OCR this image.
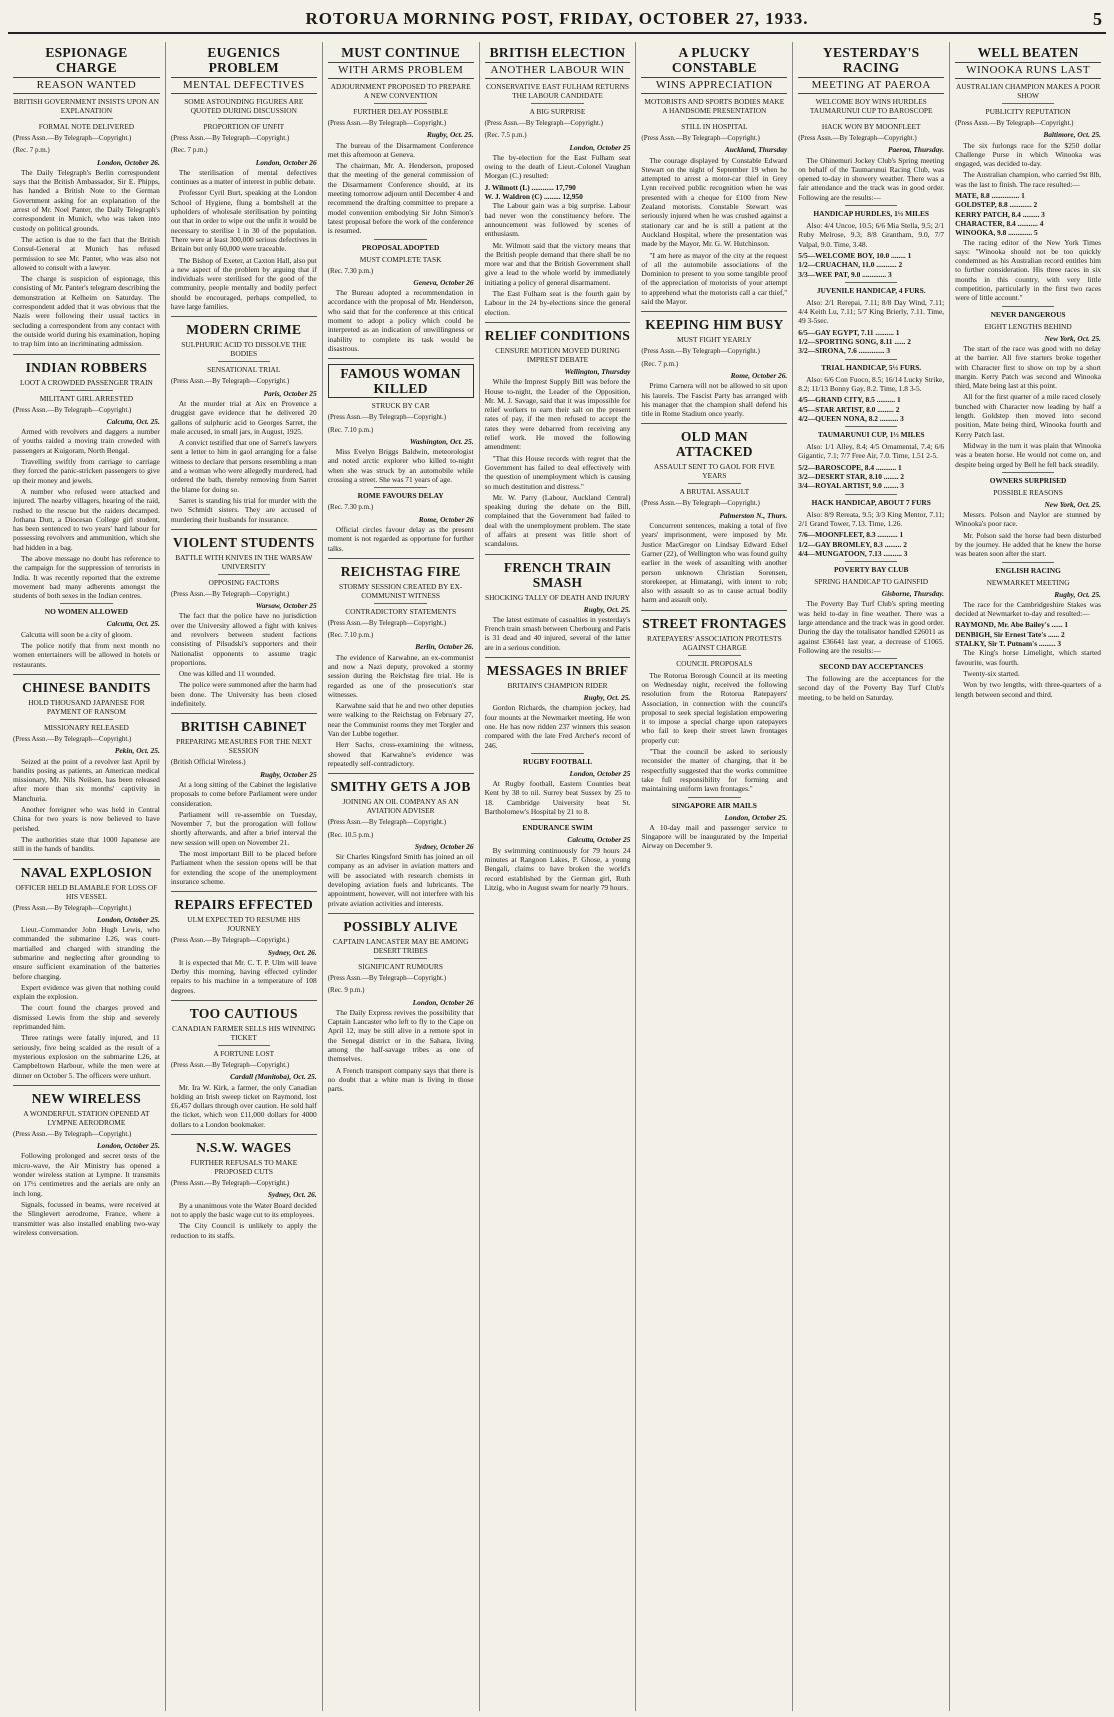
ROTORUA MORNING POST, FRIDAY, OCTOBER 27, 1933.	5
ESPIONAGE CHARGE
REASON WANTED
BRITISH GOVERNMENT INSISTS UPON AN EXPLANATION
FORMAL NOTE DELIVERED
(Press Assn.—By Telegraph—Copyright.)
(Rec. 7 p.m.)
London, October 26.

The Daily Telegraph's Berlin correspondent says that the British Ambassador, Sir E. Phipps, has handed a British Note to the German Government asking for an explanation of the arrest of Mr. Noel Panter, the Daily Telegraph's correspondent in Munich, who was taken into custody on political grounds.

The action is due to the fact that the British Consul-General at Munich has refused permission to see Mr. Panter, who was also not allowed to consult with a lawyer.

The charge is suspicion of espionage, this consisting of Mr. Panter's telegram describing the demonstration at Kelheim on Saturday. The correspondent added that it was obvious that the Nazis were following their usual tactics in secluding a correspondent from any contact with the outside world during his examination, hoping to trap him into an incriminating admission.

INDIAN ROBBERS
LOOT A CROWDED PASSENGER TRAIN
MILITANT GIRL ARRESTED
(Press Assn.—By Telegraph—Copyright.)
Calcutta, Oct. 25.

Armed with revolvers and daggers a number of youths raided a moving train crowded with passengers at Kuigoram, North Bengal.

Travelling swiftly from carriage to carriage they forced the panic-stricken passengers to give up their money and jewels.

A number who refused were attacked and injured. The nearby villagers, hearing of the raid, rushed to the rescue but the raiders decamped. Jothana Dutt, a Diocesan College girl student, has been sentenced to two years' hard labour for possessing revolvers and ammunition, which she had hidden in a bag.

The above message no doubt has reference to the campaign for the suppression of terrorists in India. It was recently reported that the extreme movement had many adherents amongst the students of both sexes in the Indian centres.

NO WOMEN ALLOWED
Calcutta, Oct. 25.

Calcutta will soon be a city of gloom.

The police notify that from next month no women entertainers will be allowed in hotels or restaurants.

CHINESE BANDITS
HOLD THOUSAND JAPANESE FOR PAYMENT OF RANSOM
MISSIONARY RELEASED
(Press Assn.—By Telegraph—Copyright.)
Pekin, Oct. 25.

Seized at the point of a revolver last April by bandits posing as patients, an American medical missionary, Mr. Nils Neilsen, has been released after more than six months' captivity in Manchuria.

Another foreigner who was held in Central China for two years is now believed to have perished.

The authorities state that 1000 Japanese are still in the hands of bandits.

NAVAL EXPLOSION
OFFICER HELD BLAMABLE FOR LOSS OF HIS VESSEL
(Press Assn.—By Telegraph—Copyright.)
London, October 25.

Lieut.-Commander John Hugh Lewis, who commanded the submarine L26, was court-martialled and charged with stranding the submarine and neglecting after grounding to ensure sufficient examination of the batteries before charging.

Expert evidence was given that nothing could explain the explosion.

The court found the charges proved and dismissed Lewis from the ship and severely reprimanded him.

Three ratings were fatally injured, and 11 seriously, five being scalded as the result of a mysterious explosion on the submarine L26, at Campbeltown Harbour, while the men were at dinner on October 5. The officers were unhurt.

NEW WIRELESS
A WONDERFUL STATION OPENED AT LYMPNE AERODROME
(Press Assn.—By Telegraph—Copyright.)
London, October 25.

Following prolonged and secret tests of the micro-wave, the Air Ministry has opened a wonder wireless station at Lympne. It transmits on 17½ centimetres and the aerials are only an inch long.

Signals, focussed in beams, were received at the Slinglevert aerodrome, France, where a transmitter was also installed enabling two-way wireless conversation.

EUGENICS PROBLEM
MENTAL DEFECTIVES
SOME ASTOUNDING FIGURES ARE QUOTED DURING DISCUSSION
PROPORTION OF UNFIT
(Press Assn.—By Telegraph—Copyright.)
(Rec. 7 p.m.)
London, October 26

The sterilisation of mental defectives continues as a matter of interest in public debate.

Professor Cyril Burt, speaking at the London School of Hygiene, flung a bombshell at the upholders of wholesale sterilisation by pointing out that in order to wipe out the unfit it would be necessary to sterilise 1 in 30 of the population. There were at least 300,000 serious defectives in Britain but only 60,000 were traceable.

The Bishop of Exeter, at Caxton Hall, also put a new aspect of the problem by arguing that if individuals were sterilised for the good of the community, people mentally and bodily perfect should be encouraged, perhaps compelled, to have large families.

MODERN CRIME
SULPHURIC ACID TO DISSOLVE THE BODIES
SENSATIONAL TRIAL
(Press Assn.—By Telegraph—Copyright.)
Paris, October 25

At the murder trial at Aix en Provence a druggist gave evidence that he delivered 20 gallons of sulphuric acid to Georges Sarret, the male accused, in small jars, in August, 1925.

A convict testified that one of Sarret's lawyers sent a letter to him in gaol arranging for a false witness to declare that persons resembling a man and a woman who were allegedly murdered, had ordered the bath, thereby removing from Sarret the blame for doing so.

Sarret is standing his trial for murder with the two Schmidt sisters. They are accused of murdering their husbands for insurance.

VIOLENT STUDENTS
BATTLE WITH KNIVES IN THE WARSAW UNIVERSITY
OPPOSING FACTORS
(Press Assn.—By Telegraph—Copyright.)
Warsaw, October 25

The fact that the police have no jurisdiction over the University allowed a fight with knives and revolvers between student factions consisting of Pilsudski's supporters and their Nationalist opponents to assume tragic proportions.

One was killed and 11 wounded.

The police were summoned after the harm had been done. The University has been closed indefinitely.

BRITISH CABINET
PREPARING MEASURES FOR THE NEXT SESSION
(British Official Wireless.)
Rugby, October 25

At a long sitting of the Cabinet the legislative proposals to come before Parliament were under consideration.

Parliament will re-assemble on Tuesday, November 7, but the prorogation will follow shortly afterwards, and after a brief interval the new session will open on November 21.

The most important Bill to be placed before Parliament when the session opens will be that for extending the scope of the unemployment insurance scheme.

REPAIRS EFFECTED
ULM EXPECTED TO RESUME HIS JOURNEY
(Press Assn.—By Telegraph—Copyright.)
Sydney, Oct. 26.

It is expected that Mr. C. T. P. Ulm will leave Derby this morning, having effected cylinder repairs to his machine in a temperature of 108 degrees.

TOO CAUTIOUS
CANADIAN FARMER SELLS HIS WINNING TICKET
A FORTUNE LOST
(Press Assn.—By Telegraph—Copyright.)
Cardall (Manitoba), Oct. 25.

Mr. Ira W. Kirk, a farmer, the only Canadian holding an Irish sweep ticket on Raymond, lost £6,457 dollars through over caution. He sold half the ticket, which won £11,000 dollars for 4000 dollars to a London bookmaker.

N.S.W. WAGES
FURTHER REFUSALS TO MAKE PROPOSED CUTS
(Press Assn.—By Telegraph—Copyright.)
Sydney, Oct. 26.

By a unanimous vote the Water Board decided not to apply the basic wage cut to its employees.

The City Council is unlikely to apply the reduction to its staffs.

MUST CONTINUE
WITH ARMS PROBLEM
ADJOURNMENT PROPOSED TO PREPARE A NEW CONVENTION
FURTHER DELAY POSSIBLE
(Press Assn.—By Telegraph—Copyright.)
Rugby, Oct. 25.

The bureau of the Disarmament Conference met this afternoon at Geneva.

The chairman, Mr. A. Henderson, proposed that the meeting of the general commission of the Disarmament Conference should, at its meeting tomorrow adjourn until December 4 and recommend the drafting committee to prepare a model convention embodying Sir John Simon's latest proposal before the work of the conference is resumed.

PROPOSAL ADOPTED
MUST COMPLETE TASK
(Rec. 7.30 p.m.)
Geneva, October 26

The Bureau adopted a recommendation in accordance with the proposal of Mr. Henderson, who said that for the conference at this critical moment to adopt a policy which could be interpreted as an indication of unwillingness or inability to complete its task would be disastrous.

FAMOUS WOMAN KILLED
STRUCK BY CAR
(Press Assn.—By Telegraph—Copyright.)
(Rec. 7.10 p.m.)
Washington, Oct. 25.

Miss Evelyn Briggs Baldwin, meteorologist and noted arctic explorer who killed to-night when she was struck by an automobile while crossing a street. She was 71 years of age.

ROME FAVOURS DELAY
(Rec. 7.30 p.m.)
Rome, October 26

Official circles favour delay as the present moment is not regarded as opportune for further talks.

REICHSTAG FIRE
STORMY SESSION CREATED BY EX-COMMUNIST WITNESS
CONTRADICTORY STATEMENTS
(Press Assn.—By Telegraph—Copyright.)
(Rec. 7.10 p.m.)
Berlin, October 26.

The evidence of Karwahne, an ex-communist and now a Nazi deputy, provoked a stormy session during the Reichstag fire trial. He is regarded as one of the prosecution's star witnesses.

Karwahne said that he and two other deputies were walking to the Reichstag on February 27, near the Communist rooms they met Torgler and Van der Lubbe together.

Herr Sachs, cross-examining the witness, showed that Karwahne's evidence was repeatedly self-contradictory.

SMITHY GETS A JOB
JOINING AN OIL COMPANY AS AN AVIATION ADVISER
(Press Assn.—By Telegraph—Copyright.)
(Rec. 10.5 p.m.)
Sydney, October 26

Sir Charles Kingsford Smith has joined an oil company as an adviser in aviation matters and will be associated with research chemists in developing aviation fuels and lubricants. The appointment, however, will not interfere with his private aviation activities and interests.

POSSIBLY ALIVE
CAPTAIN LANCASTER MAY BE AMONG DESERT TRIBES
SIGNIFICANT RUMOURS
(Press Assn.—By Telegraph—Copyright.)
(Rec. 9 p.m.)
London, October 26

The Daily Express revives the possibility that Captain Lancaster who left to fly to the Cape on April 12, may be still alive in a remote spot in the Senegal district or in the Sahara, living among the half-savage tribes as one of themselves.

A French transport company says that there is no doubt that a white man is living in those parts.

BRITISH ELECTION
ANOTHER LABOUR WIN
CONSERVATIVE EAST FULHAM RETURNS THE LABOUR CANDIDATE
A BIG SURPRISE
(Press Assn.—By Telegraph—Copyright.)
(Rec. 7.5 p.m.)
London, October 25

The by-election for the East Fulham seat owing to the death of Lieut.-Colonel Vaughan Morgan (C.) resulted:

J. Wilmott (L) ............ 17,790
W. J. Waldron (C) ......... 12,950

The Labour gain was a big surprise. Labour had never won the constituency before. The announcement was followed by scenes of enthusiasm.

Mr. Wilmott said that the victory means that the British people demand that there shall be no more war and that the British Government shall give a lead to the whole world by immediately initiating a policy of general disarmament.

The East Fulham seat is the fourth gain by Labour in the 24 by-elections since the general election.

RELIEF CONDITIONS
CENSURE MOTION MOVED DURING IMPREST DEBATE
Wellington, Thursday

While the Imprest Supply Bill was before the House to-night, the Leader of the Opposition, Mr. M. J. Savage, said that it was impossible for relief workers to earn their salt on the present rates of pay, if the men refused to accept the rates they were debarred from receiving any relief work. He moved the following amendment:

"That this House records with regret that the Government has failed to deal effectively with the question of unemployment which is causing so much destitution and distress."

Mr. W. Parry (Labour, Auckland Central) speaking during the debate on the Bill, complained that the Government had failed to deal with the unemployment problem. The state of affairs at present was little short of scandalous.

FRENCH TRAIN SMASH
SHOCKING TALLY OF DEATH AND INJURY
Rugby, Oct. 25.

The latest estimate of casualties in yesterday's French train smash between Cherbourg and Paris is 31 dead and 40 injured, several of the latter are in a serious condition.

MESSAGES IN BRIEF
BRITAIN'S CHAMPION RIDER
Rugby, Oct. 25.

Gordon Richards, the champion jockey, had four mounts at the Newmarket meeting. He won one. He has now ridden 237 winners this season compared with the late Fred Archer's record of 246.

RUGBY FOOTBALL
London, October 25

At Rugby football, Eastern Counties beat Kent by 38 to nil. Surrey beat Sussex by 25 to 18. Cambridge University beat St. Bartholomew's Hospital by 21 to 8.

ENDURANCE SWIM
Calcutta, October 25

By swimming continuously for 79 hours 24 minutes at Rangoon Lakes, P. Ghose, a young Bengali, claims to have broken the world's record established by the German girl, Ruth Litzig, who in August swam for nearly 79 hours.

A PLUCKY CONSTABLE
WINS APPRECIATION
MOTORISTS AND SPORTS BODIES MAKE A HANDSOME PRESENTATION
STILL IN HOSPITAL
(Press Assn.—By Telegraph—Copyright.)
Auckland, Thursday

The courage displayed by Constable Edward Stewart on the night of September 19 when he attempted to arrest a motor-car thief in Grey Lynn received public recognition when he was presented with a cheque for £100 from New Zealand motorists. Constable Stewart was seriously injured when he was crushed against a stationary car and he is still a patient at the Auckland Hospital, where the presentation was made by the Mayor, Mr. G. W. Hutchinson.

"I am here as mayor of the city at the request of all the automobile associations of the Dominion to present to you some tangible proof of the appreciation of motorists of your attempt to apprehend what the motorists call a car thief," said the Mayor.

KEEPING HIM BUSY
MUST FIGHT YEARLY
(Press Assn.—By Telegraph—Copyright.)
(Rec. 7 p.m.)
Rome, October 26.

Primo Carnera will not be allowed to sit upon his laurels. The Fascist Party has arranged with his manager that the champion shall defend his title in Rome Stadium once yearly.

OLD MAN ATTACKED
ASSAULT SENT TO GAOL FOR FIVE YEARS
A BRUTAL ASSAULT
(Press Assn.—By Telegraph—Copyright.)
Palmerston N., Thurs.

Concurrent sentences, making a total of five years' imprisonment, were imposed by Mr. Justice MacGregor on Lindsay Edward Edsel Garner (22), of Wellington who was found guilty earlier in the week of assaulting with another person unknown Christian Sorensen, storekeeper, at Himatangi, with intent to rob; also with assault so as to cause actual bodily harm and assault only.

STREET FRONTAGES
RATEPAYERS' ASSOCIATION PROTESTS AGAINST CHARGE
COUNCIL PROPOSALS

The Rotorua Borough Council at its meeting on Wednesday night, received the following resolution from the Rotorua Ratepayers' Association, in connection with the council's proposal to seek special legislation empowering it to impose a special charge upon ratepayers who fail to keep their street lawn frontages properly cut:

"That the council be asked to seriously reconsider the matter of charging, that it be respectfully suggested that the works committee take full responsibility for forming and maintaining uniform lawn frontages."

SINGAPORE AIR MAILS
London, October 25.

A 10-day mail and passenger service to Singapore will be inaugurated by the Imperial Airway on December 9.

YESTERDAY'S RACING
MEETING AT PAEROA
WELCOME BOY WINS HURDLES TAUMARUNUI CUP TO BAROSCOPE
HACK WON BY MOONFLEET
(Press Assn.—By Telegraph—Copyright.)
Paeroa, Thursday.

The Ohinemuri Jockey Club's Spring meeting on behalf of the Taumarunui Racing Club, was opened to-day in showery weather. There was a fair attendance and the track was in good order. Following are the results:—

HANDICAP HURDLES, 1½ MILES

Also: 4/4 Uncoe, 10.5; 6/6 Mia Stella, 9.5; 2/1 Ruby Melrose, 9.3; 8/8 Grantham, 9.0, 7/7 Valpal, 9.0. Time, 3.48.

5/5—WELCOME BOY, 10.0 ........ 1
1/2—CRUACHAN, 11.0 ........... 2
3/3—WEE PAT, 9.0 ............. 3
JUVENILE HANDICAP, 4 FURS.

Also: 2/1 Rerepai, 7.11; 8/8 Day Wind, 7.11; 4/4 Keith Lu, 7.11; 5/7 King Brierly, 7.11. Time, 49 3-5sec.

6/5—GAY EGYPT, 7.11 .......... 1
1/2—SPORTING SONG, 8.11 ...... 2
3/2—SIRONA, 7.6 .............. 3
TRIAL HANDICAP, 5½ FURS.

Also: 6/6 Con Fuoco, 8.5; 16/14 Lucky Strike, 8.2; 11/13 Bonny Gay, 8.2. Time, 1.8 3-5.

4/5—GRAND CITY, 8.5 .......... 1
4/5—STAR ARTIST, 8.0 ......... 2
4/2—QUEEN NONA, 8.2 .......... 3
TAUMARUNUI CUP, 1½ MILES

Also: 1/1 Alley, 8.4; 4/5 Ornamental, 7.4; 6/6 Gigantic, 7.1; 7/7 Free Air, 7.0. Time, 1.51 2-5.

5/2—BAROSCOPE, 8.4 ........... 1
3/2—DESERT STAR, 8.10 ........ 2
3/4—ROYAL ARTIST, 9.0 ........ 3
HACK HANDICAP, ABOUT 7 FURS

Also: 8/9 Rereata, 9.5; 3/3 King Mentor, 7.11; 2/1 Grand Tower, 7.13. Time, 1.26.

7/6—MOONFLEET, 8.3 ........... 1
1/2—GAY BROMLEY, 8.3 ......... 2
4/4—MUNGATOON, 7.13 .......... 3
POVERTY BAY CLUB
SPRING HANDICAP TO GAINSFID
Gisborne, Thursday.

The Poverty Bay Turf Club's spring meeting was held to-day in fine weather. There was a large attendance and the track was in good order. During the day the totalisator handled £26011 as against £36641 last year, a decrease of £1065. Following are the results:—

SECOND DAY ACCEPTANCES

The following are the acceptances for the second day of the Poverty Bay Turf Club's meeting, to be held on Saturday.

WELL BEATEN
WINOOKA RUNS LAST
AUSTRALIAN CHAMPION MAKES A POOR SHOW
PUBLICITY REPUTATION
(Press Assn.—By Telegraph—Copyright.)
Baltimore, Oct. 25.

The six furlongs race for the $250 dollar Challenge Purse in which Winooka was engaged, was decided to-day.

The Australian champion, who carried 9st 8lb, was the last to finish. The race resulted:—

MATE, 8.8 ............... 1
GOLDSTEP, 8.8 ............ 2
KERRY PATCH, 8.4 ......... 3
CHARACTER, 8.4 ........... 4
WINOOKA, 9.8 ............. 5

The racing editor of the New York Times says: "Winooka should not be too quickly condemned as his Australian record entitles him to further consideration. His three races in six months in this country, with very little competition, particularly in the first two races were of little account."

NEVER DANGEROUS
EIGHT LENGTHS BEHIND
New York, Oct. 25.

The start of the race was good with no delay at the barrier. All five starters broke together with Character first to show on top by a short margin. Kerry Patch was second and Winooka third, Mate being last at this point.

All for the first quarter of a mile raced closely bunched with Character now leading by half a length. Goldstep then moved into second position, Mate being third, Winooka fourth and Kerry Patch last.

Midway in the turn it was plain that Winooka was a beaten horse. He would not come on, and despite being urged by Bell he fell back steadily.

OWNERS SURPRISED
POSSIBLE REASONS
New York, Oct. 25.

Messrs. Polson and Naylor are stunned by Winooka's poor race.

Mr. Polson said the horse had been disturbed by the journey. He added that he knew the horse was beaten soon after the start.

ENGLISH RACING
NEWMARKET MEETING
Rugby, Oct. 25.

The race for the Cambridgeshire Stakes was decided at Newmarket to-day and resulted:—

RAYMOND, Mr. Abe Bailey's ...... 1
DENBIGH, Sir Ernest Tate's ...... 2
STALKY, Sir T. Putnam's ......... 3

The King's horse Limelight, which started favourite, was fourth.

Twenty-six started.

Won by two lengths, with three-quarters of a length between second and third.
